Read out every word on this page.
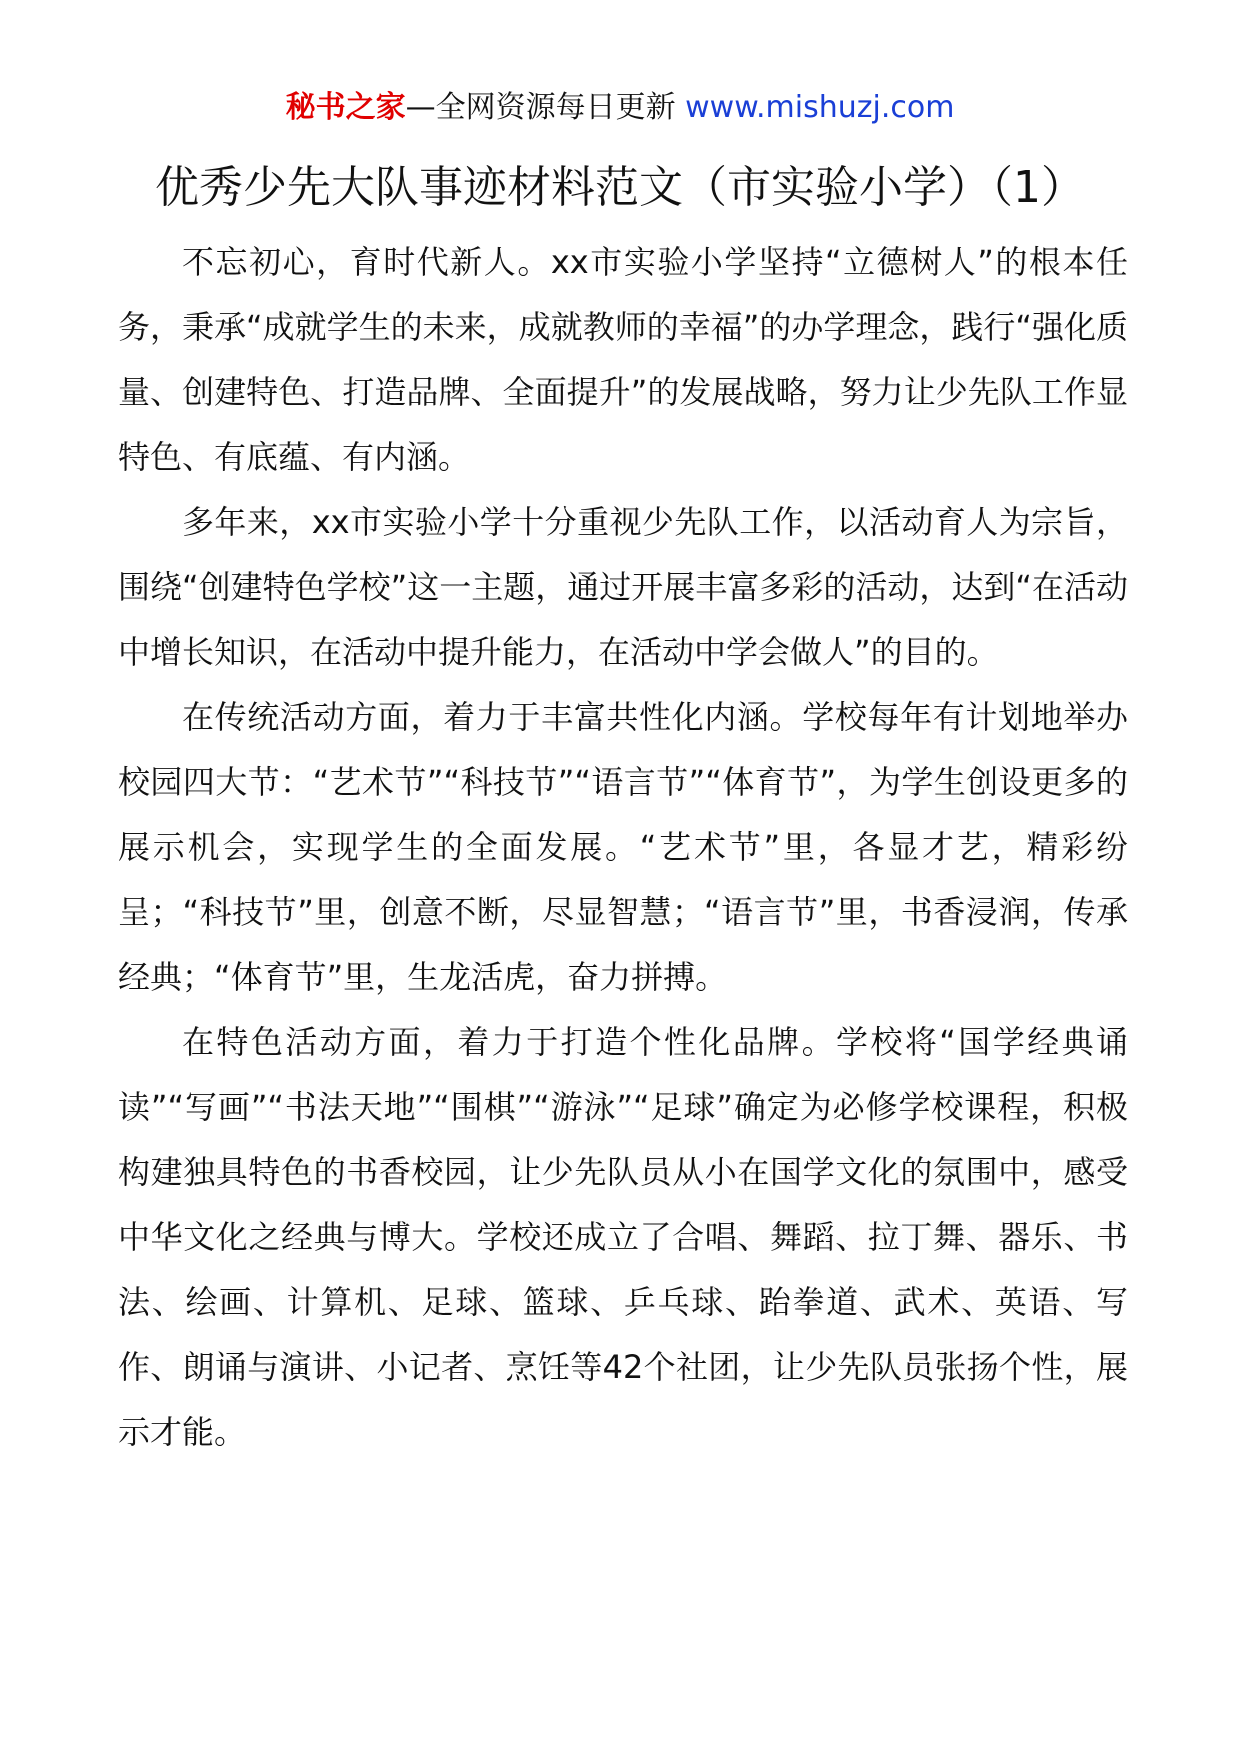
秘书之家—全网资源每日更新 www.mishuzj.com
优秀少先大队事迹材料范文（市实验小学）（1）

不忘初心，育时代新人。xx市实验小学坚持“立德树人”的根本任务，秉承“成就学生的未来，成就教师的幸福”的办学理念，践行“强化质量、创建特色、打造品牌、全面提升”的发展战略，努力让少先队工作显特色、有底蕴、有内涵。

多年来，xx市实验小学十分重视少先队工作，以活动育人为宗旨，围绕“创建特色学校”这一主题，通过开展丰富多彩的活动，达到“在活动中增长知识，在活动中提升能力，在活动中学会做人”的目的。

在传统活动方面，着力于丰富共性化内涵。学校每年有计划地举办校园四大节：“艺术节”“科技节”“语言节”“体育节”，为学生创设更多的展示机会，实现学生的全面发展。“艺术节”里，各显才艺，精彩纷呈；“科技节”里，创意不断，尽显智慧；“语言节”里，书香浸润，传承经典；“体育节”里，生龙活虎，奋力拼搏。

在特色活动方面，着力于打造个性化品牌。学校将“国学经典诵读”“写画”“书法天地”“围棋”“游泳”“足球”确定为必修学校课程，积极构建独具特色的书香校园，让少先队员从小在国学文化的氛围中，感受中华文化之经典与博大。学校还成立了合唱、舞蹈、拉丁舞、器乐、书法、绘画、计算机、足球、篮球、乒乓球、跆拳道、武术、英语、写作、朗诵与演讲、小记者、烹饪等42个社团，让少先队员张扬个性，展示才能。
